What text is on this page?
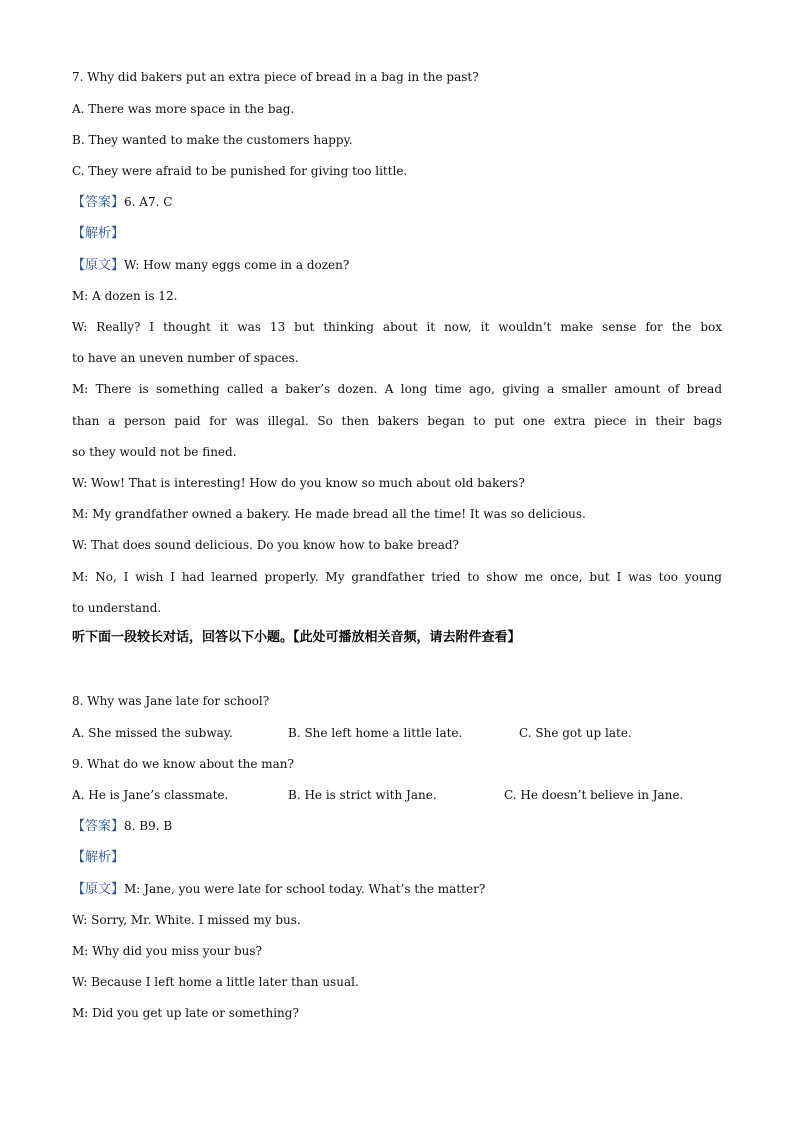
7. Why did bakers put an extra piece of bread in a bag in the past?
A. There was more space in the bag.
B. They wanted to make the customers happy.
C. They were afraid to be punished for giving too little.
【答案】6. A7. C
【解析】
【原文】W: How many eggs come in a dozen?
M: A dozen is 12.
W: Really? I thought it was 13 but thinking about it now, it wouldn’t make sense for the box
to have an uneven number of spaces.
M: There is something called a baker’s dozen. A long time ago, giving a smaller amount of bread
than a person paid for was illegal. So then bakers began to put one extra piece in their bags
so they would not be fined.
W: Wow! That is interesting! How do you know so much about old bakers?
M: My grandfather owned a bakery. He made bread all the time! It was so delicious.
W: That does sound delicious. Do you know how to bake bread?
M: No, I wish I had learned properly. My grandfather tried to show me once, but I was too young
to understand.
听下面一段较长对话，回答以下小题。【此处可播放相关音频，请去附件查看】
8. Why was Jane late for school?
A. She missed the subway.	B. She left home a little late.	C. She got up late.
9. What do we know about the man?
A. He is Jane’s classmate.	B. He is strict with Jane.	C. He doesn’t believe in Jane.
【答案】8. B9. B
【解析】
【原文】M: Jane, you were late for school today. What’s the matter?
W: Sorry, Mr. White. I missed my bus.
M: Why did you miss your bus?
W: Because I left home a little later than usual.
M: Did you get up late or something?
